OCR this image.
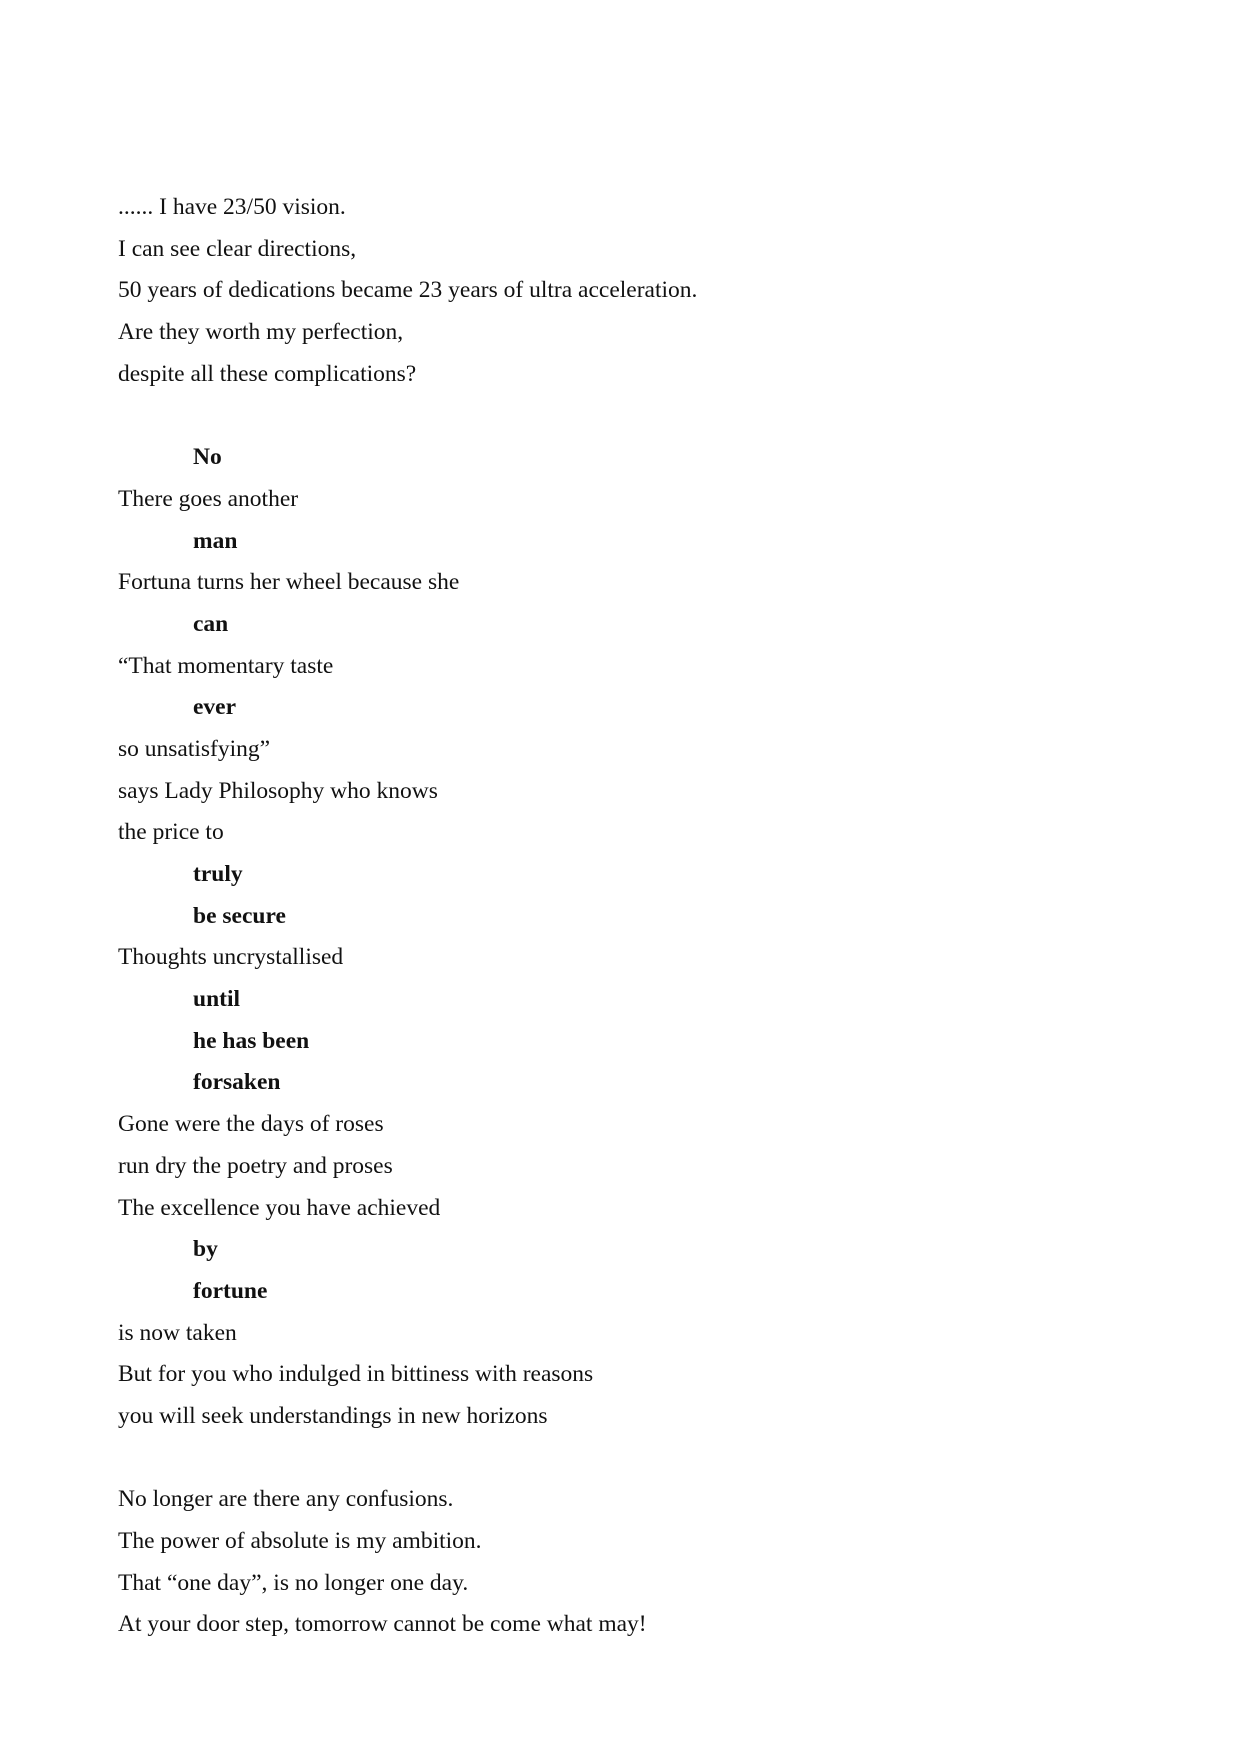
...... I have 23/50 vision.
I can see clear directions,
50 years of dedications became 23 years of ultra acceleration.
Are they worth my perfection,
despite all these complications?
No
There goes another
man
Fortuna turns her wheel because she
can
“That momentary taste
ever
so unsatisfying”
says Lady Philosophy who knows
the price to
truly
be secure
Thoughts uncrystallised
until
he has been
forsaken
Gone were the days of roses
run dry the poetry and proses
The excellence you have achieved
by
fortune
is now taken
But for you who indulged in bittiness with reasons
you will seek understandings in new horizons
No longer are there any confusions.
The power of absolute is my ambition.
That “one day”, is no longer one day.
At your door step, tomorrow cannot be come what may!
